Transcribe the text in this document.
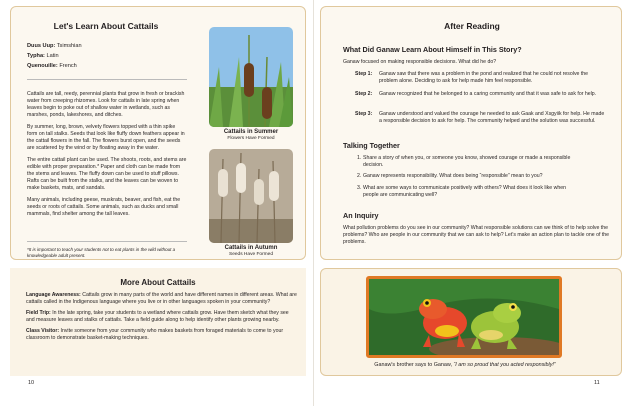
Let's Learn About Cattails
Duus Uup: Tsimshian
Typha: Latin
Quenouille: French

Cattails are tall, reedy, perennial plants that grow in fresh or brackish water from creeping rhizomes. Look for cattails in late spring when leaves begin to poke out of shallow water in wetlands, such as marshes, ponds, lakeshores, and ditches.

By summer, long, brown, velvety flowers topped with a thin spike form on tall stalks. Seeds that look like fluffy down feathers appear in the cattail flowers in the fall. The flowers burst open, and the seeds are scattered by the wind or by floating away in the water.

The entire cattail plant can be used. The shoots, roots, and stems are edible with proper preparation.* Paper and cloth can be made from the stems and leaves. The fluffy down can be used to stuff pillows. Rafts can be built from the stalks, and the leaves can be woven to make baskets, mats, and sandals.

Many animals, including geese, muskrats, beaver, and fish, eat the seeds or roots of cattails. Some animals, such as ducks and small mammals, find shelter among the tall leaves.

*It is important to teach your students not to eat plants in the wild without a knowledgeable adult present.
Cattails in Summer
Flowers Have Formed
Cattails in Autumn
Seeds Have Formed
More About Cattails

Language Awareness: Cattails grow in many parts of the world and have different names in different areas. What are cattails called in the Indigenous language where you live or in other languages spoken in your community?

Field Trip: In the late spring, take your students to a wetland where cattails grow. Have them sketch what they see and measure leaves and stalks of cattails. Take a field guide along to help identify other plants growing nearby.

Class Visitor: Invite someone from your community who makes baskets from foraged materials to come to your classroom to demonstrate basket-making techniques.

10
After Reading
What Did Ganaw Learn About Himself in This Story?
Ganaw focused on making responsible decisions. What did he do?
Step 1: Ganaw saw that there was a problem in the pond and realized that he could not resolve the problem alone. Deciding to ask for help made him feel responsible.
Step 2: Ganaw recognized that he belonged to a caring community and that it was safe to ask for help.
Step 3: Ganaw understood and valued the courage he needed to ask Gaak and Xsgyiik for help. He made a responsible decision to ask for help. The community helped and the solution was successful.
Talking Together
1. Share a story of when you, or someone you know, showed courage or made a responsible decision.
2. Ganaw represents responsibility. What does being “responsible” mean to you?
3. What are some ways to communicate positively with others? What does it look like when people are communicating well?
An Inquiry
What pollution problems do you see in our community? What responsible solutions can we think of to help solve the problems? Who are people in our community that we can ask to help? Let’s make an action plan to tackle one of the problems.
Ganaw's brother says to Ganaw, “I am so proud that you acted responsibly!”
11
